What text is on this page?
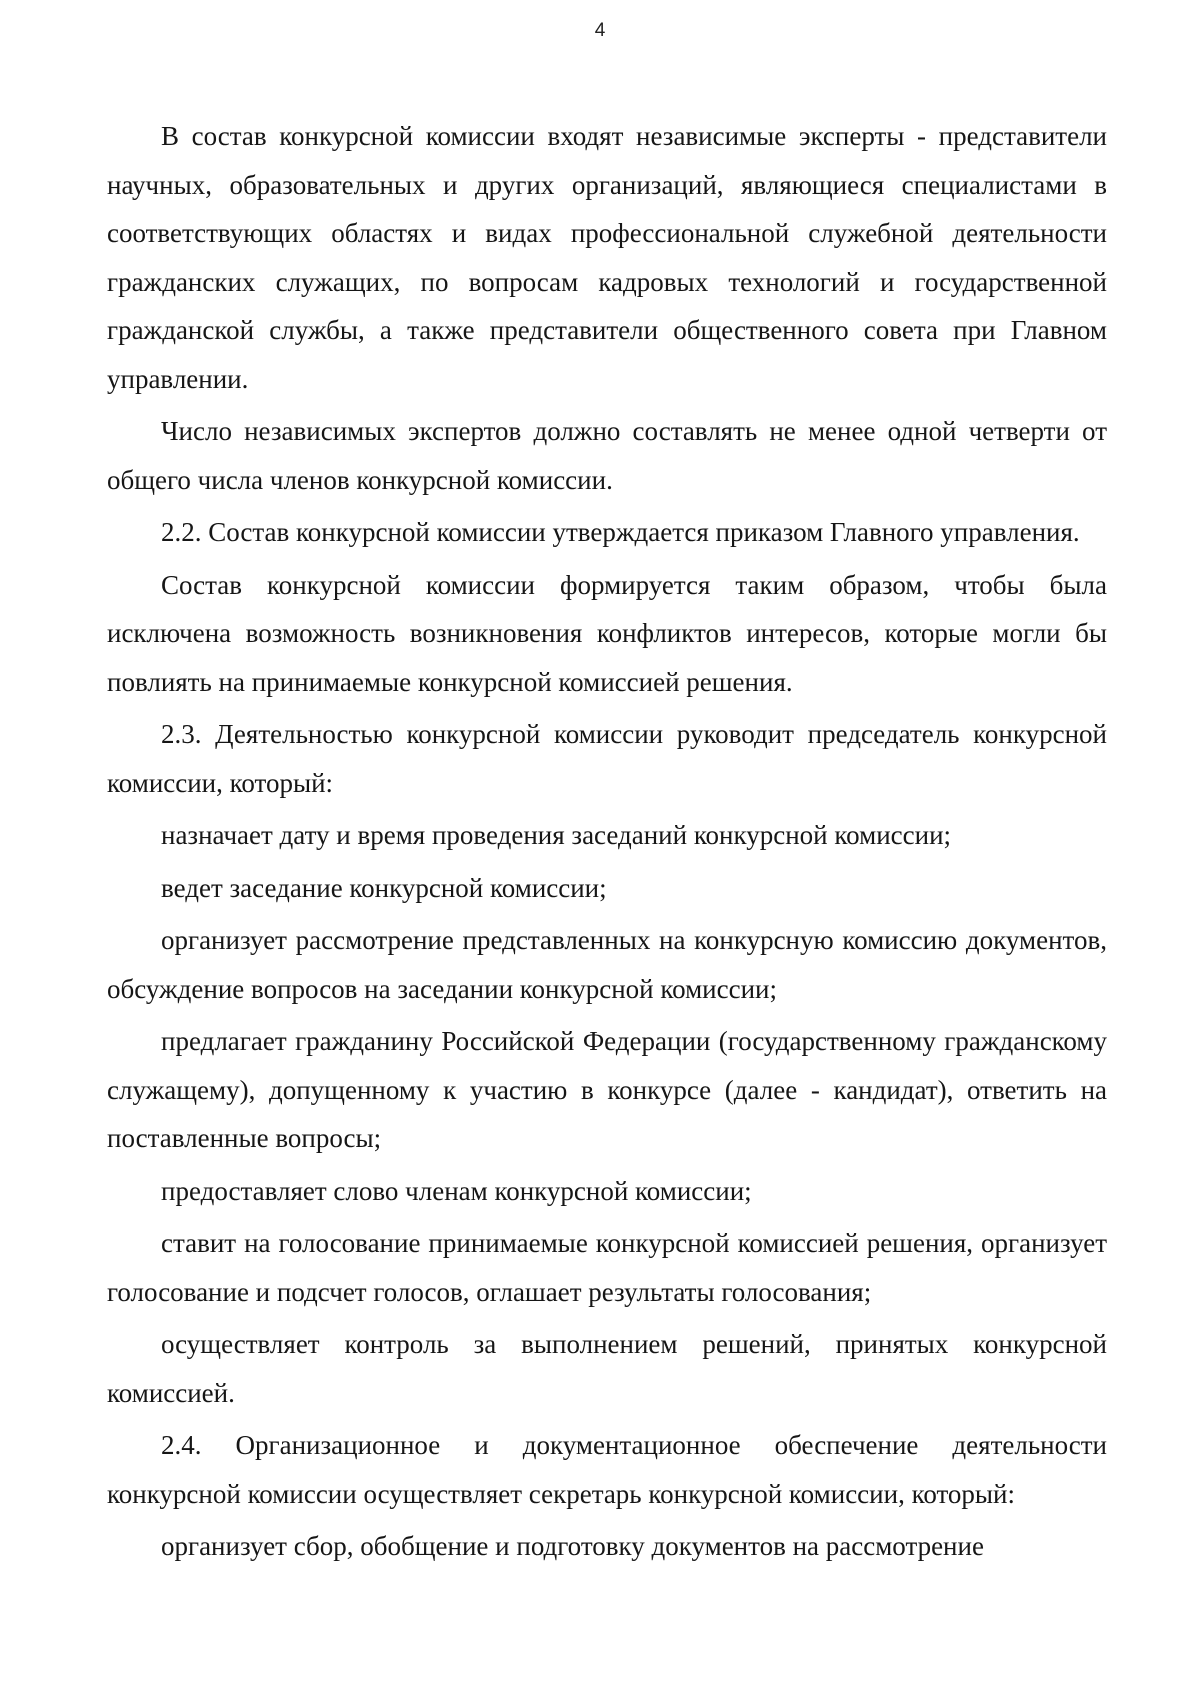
4

В состав конкурсной комиссии входят независимые эксперты - представители научных, образовательных и других организаций, являющиеся специалистами в соответствующих областях и видах профессиональной служебной деятельности гражданских служащих, по вопросам кадровых технологий и государственной гражданской службы, а также представители общественного совета при Главном управлении.

Число независимых экспертов должно составлять не менее одной четверти от общего числа членов конкурсной комиссии.

2.2. Состав конкурсной комиссии утверждается приказом Главного управления.

Состав конкурсной комиссии формируется таким образом, чтобы была исключена возможность возникновения конфликтов интересов, которые могли бы повлиять на принимаемые конкурсной комиссией решения.

2.3. Деятельностью конкурсной комиссии руководит председатель конкурсной комиссии, который:

назначает дату и время проведения заседаний конкурсной комиссии;

ведет заседание конкурсной комиссии;

организует рассмотрение представленных на конкурсную комиссию документов, обсуждение вопросов на заседании конкурсной комиссии;

предлагает гражданину Российской Федерации (государственному гражданскому служащему), допущенному к участию в конкурсе (далее - кандидат), ответить на поставленные вопросы;

предоставляет слово членам конкурсной комиссии;

ставит на голосование принимаемые конкурсной комиссией решения, организует голосование и подсчет голосов, оглашает результаты голосования;

осуществляет контроль за выполнением решений, принятых конкурсной комиссией.

2.4. Организационное и документационное обеспечение деятельности конкурсной комиссии осуществляет секретарь конкурсной комиссии, который:

организует сбор, обобщение и подготовку документов на рассмотрение
